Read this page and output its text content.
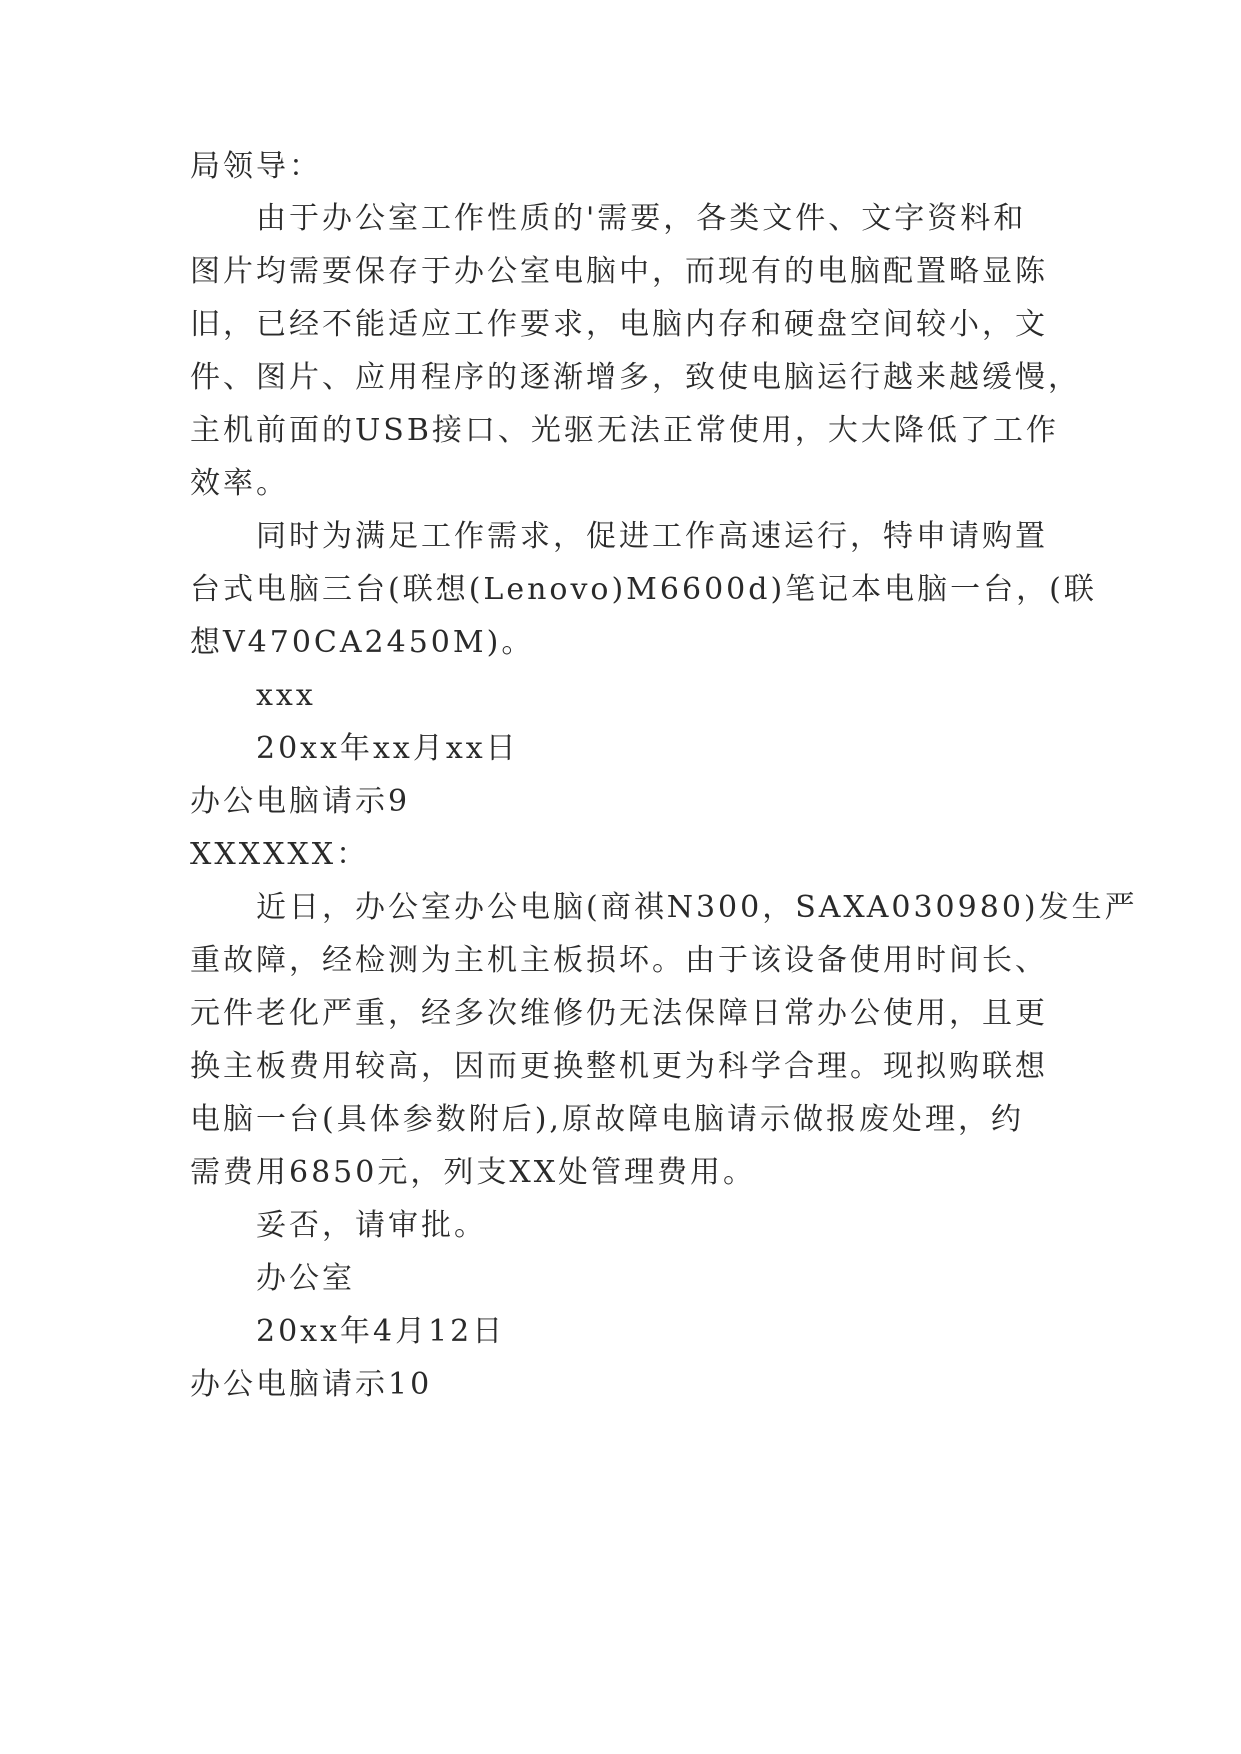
局领导：
由于办公室工作性质的'需要，各类文件、文字资料和
图片均需要保存于办公室电脑中，而现有的电脑配置略显陈
旧，已经不能适应工作要求，电脑内存和硬盘空间较小，文
件、图片、应用程序的逐渐增多，致使电脑运行越来越缓慢，
主机前面的USB接口、光驱无法正常使用，大大降低了工作
效率。
同时为满足工作需求，促进工作高速运行，特申请购置
台式电脑三台(联想(Lenovo)M6600d)笔记本电脑一台，(联
想V470CA2450M)。
xxx
20xx年xx月xx日
办公电脑请示9
XXXXXX：
近日，办公室办公电脑(商祺N300，SAXA030980)发生严
重故障，经检测为主机主板损坏。由于该设备使用时间长、
元件老化严重，经多次维修仍无法保障日常办公使用，且更
换主板费用较高，因而更换整机更为科学合理。现拟购联想
电脑一台(具体参数附后),原故障电脑请示做报废处理，约
需费用6850元，列支XX处管理费用。
妥否，请审批。
办公室
20xx年4月12日
办公电脑请示10
